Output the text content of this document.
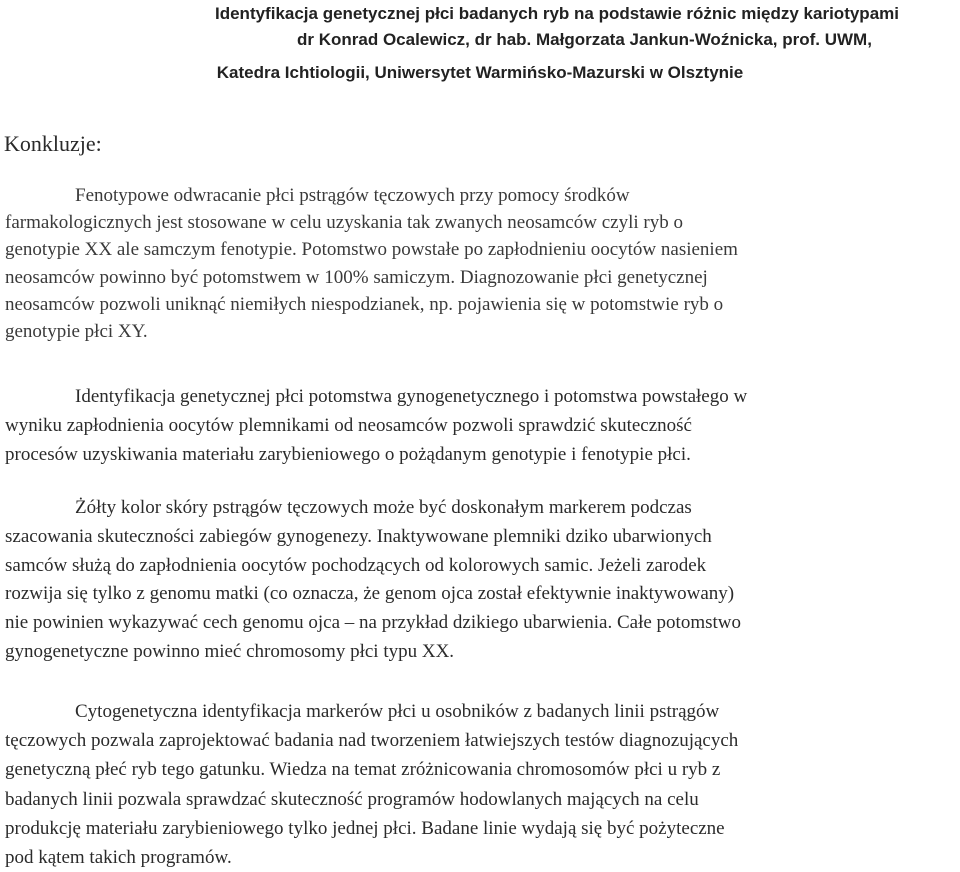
Identyfikacja genetycznej płci badanych ryb na podstawie różnic między kariotypami
dr Konrad Ocalewicz, dr hab. Małgorzata Jankun-Woźnicka, prof. UWM,
Katedra Ichtiologii, Uniwersytet Warmińsko-Mazurski w Olsztynie
Konkluzje:

Fenotypowe odwracanie płci pstrągów tęczowych przy pomocy środków
farmakologicznych jest stosowane w celu uzyskania tak zwanych neosamców czyli ryb o
genotypie XX ale samczym fenotypie. Potomstwo powstałe po zapłodnieniu oocytów nasieniem
neosamców powinno być potomstwem w 100% samiczym. Diagnozowanie płci genetycznej
neosamców pozwoli uniknąć niemiłych niespodzianek, np. pojawienia się w potomstwie ryb o
genotypie płci XY.

Identyfikacja genetycznej płci potomstwa gynogenetycznego i potomstwa powstałego w
wyniku zapłodnienia oocytów plemnikami od neosamców pozwoli sprawdzić skuteczność
procesów uzyskiwania materiału zarybieniowego o pożądanym genotypie i fenotypie płci.

Żółty kolor skóry pstrągów tęczowych może być doskonałym markerem podczas
szacowania skuteczności zabiegów gynogenezy. Inaktywowane plemniki dziko ubarwionych
samców służą do zapłodnienia oocytów pochodzących od kolorowych samic. Jeżeli zarodek
rozwija się tylko z genomu matki (co oznacza, że genom ojca został efektywnie inaktywowany)
nie powinien wykazywać cech genomu ojca – na przykład dzikiego ubarwienia. Całe potomstwo
gynogenetyczne powinno mieć chromosomy płci typu XX.

Cytogenetyczna identyfikacja markerów płci u osobników z badanych linii pstrągów
tęczowych pozwala zaprojektować badania nad tworzeniem łatwiejszych testów diagnozujących
genetyczną płeć ryb tego gatunku. Wiedza na temat zróżnicowania chromosomów płci u ryb z
badanych linii pozwala sprawdzać skuteczność programów hodowlanych mających na celu
produkcję materiału zarybieniowego tylko jednej płci. Badane linie wydają się być pożyteczne
pod kątem takich programów.
